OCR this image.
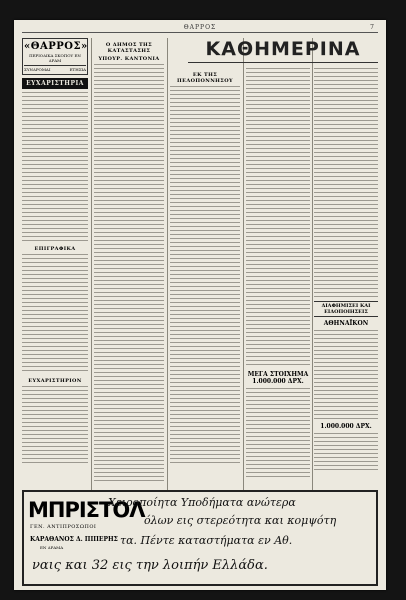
ΘΑΡΡΟΣ	7
«ΘΑΡΡΟΣ»
ΠΕΡΙΟΔΙΚΑ ΣΚΟΠΟΥ ΕΝ ΔΡΑΜ
ΣΥΝΔΡΟΜΑΙ	ΕΤΗΣΙΑ
ΕΥΧΑΡΙΣΤΗΡΙΑ
ΕΠΙΓΡΑΦΙΚΑ
ΕΥΧΑΡΙΣΤΗΡΙΟΝ
Ο ΔΗΜΟΣ ΤΗΣ ΚΑΤΑΣΤΑΣΗΣ
ΥΠΟΥΡ. ΚΑΝΤΟΝΙΑ
ΕΚ ΤΗΣ ΠΕΛΟΠΟΝΝΗΣΟΥ
ΜΕΓΑ ΣΤΟΙΧΗΜΑ 1.000.000 ΔΡΧ.
ΔΙΑΦΗΜΙΣΕΙ ΚΑΙ ΕΙΔΟΠΟΙΗΣΕΙΣ
ΑΘΗΝΑΪΚΟΝ
1.000.000 ΔΡΧ.
ΚΑΘΗΜΕΡΙΝΑ
ΜΠΡΙΣΤΟΛ
ΓΕΝ. ΑΝΤΙΠΡΟΣΩΠΟΙ
ΚΑΡΑΘΑΝΟΣ Δ. ΠΙΠΕΡΗΣ
ΕΝ ΔΡΑΜΑ
Χειροποίητα Υποδήματα ανώτερα
όλων εις στερεότητα και κομψότη
τα. Πέντε καταστήματα εν Αθ.
ναις και 32 εις την λοιπήν Ελλάδα.
